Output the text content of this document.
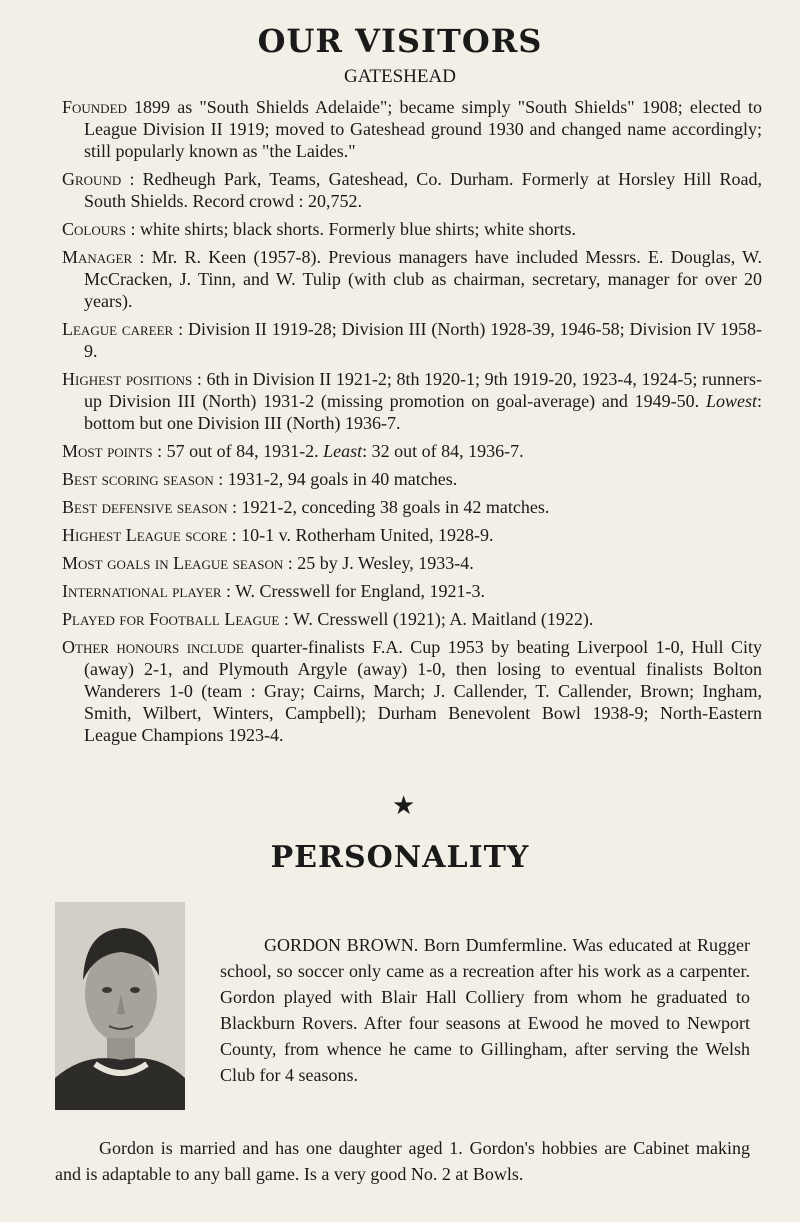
OUR VISITORS
GATESHEAD

Founded 1899 as "South Shields Adelaide"; became simply "South Shields" 1908; elected to League Division II 1919; moved to Gateshead ground 1930 and changed name accordingly; still popularly known as "the Laides."

Ground : Redheugh Park, Teams, Gateshead, Co. Durham. Formerly at Horsley Hill Road, South Shields. Record crowd : 20,752.

Colours : white shirts; black shorts. Formerly blue shirts; white shorts.

Manager : Mr. R. Keen (1957-8). Previous managers have included Messrs. E. Douglas, W. McCracken, J. Tinn, and W. Tulip (with club as chairman, secretary, manager for over 20 years).

League career : Division II 1919-28; Division III (North) 1928-39, 1946-58; Division IV 1958-9.

Highest positions : 6th in Division II 1921-2; 8th 1920-1; 9th 1919-20, 1923-4, 1924-5; runners-up Division III (North) 1931-2 (missing promotion on goal-average) and 1949-50. Lowest: bottom but one Division III (North) 1936-7.

Most points : 57 out of 84, 1931-2. Least: 32 out of 84, 1936-7.

Best scoring season : 1931-2, 94 goals in 40 matches.

Best defensive season : 1921-2, conceding 38 goals in 42 matches.

Highest League score : 10-1 v. Rotherham United, 1928-9.

Most goals in League season : 25 by J. Wesley, 1933-4.

International player : W. Cresswell for England, 1921-3.

Played for Football League : W. Cresswell (1921); A. Maitland (1922).

Other honours include quarter-finalists F.A. Cup 1953 by beating Liverpool 1-0, Hull City (away) 2-1, and Plymouth Argyle (away) 1-0, then losing to eventual finalists Bolton Wanderers 1-0 (team : Gray; Cairns, March; J. Callender, T. Callender, Brown; Ingham, Smith, Wilbert, Winters, Campbell); Durham Benevolent Bowl 1938-9; North-Eastern League Champions 1923-4.

★
PERSONALITY

GORDON BROWN. Born Dumfermline. Was educated at Rugger school, so soccer only came as a recreation after his work as a carpenter. Gordon played with Blair Hall Colliery from whom he graduated to Blackburn Rovers. After four seasons at Ewood he moved to Newport County, from whence he came to Gillingham, after serving the Welsh Club for 4 seasons.

Gordon is married and has one daughter aged 1. Gordon's hobbies are Cabinet making and is adaptable to any ball game. Is a very good No. 2 at Bowls.
